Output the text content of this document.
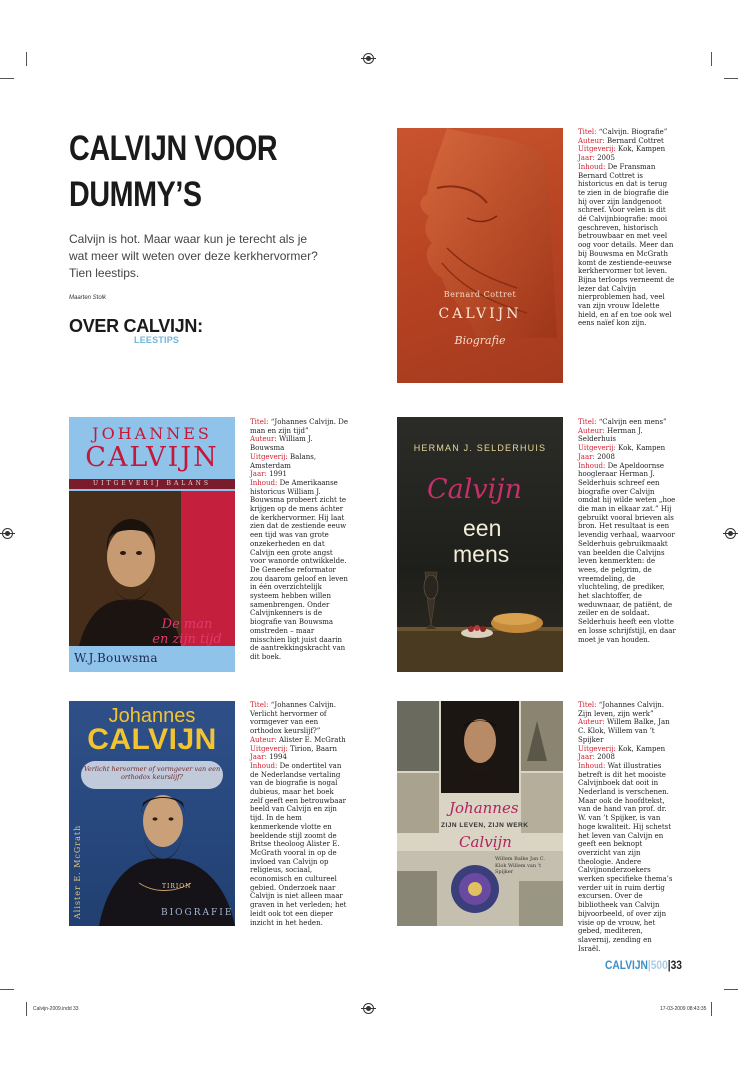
CALVIJN VOOR
DUMMY’S
Calvijn is hot. Maar waar kun je terecht als je wat meer wilt weten over deze kerkhervormer? Tien leestips.
Maarten Stolk
OVER CALVIJN:
LEESTIPS
Bernard Cottret
CALVIJN
Biografie
Titel: “Calvijn. Biografie”
Auteur: Bernard Cottret
Uitgeverij: Kok, Kampen
Jaar: 2005
Inhoud: De Fransman Bernard Cottret is historicus en dat is terug te zien in de biografie die hij over zijn landgenoot schreef. Voor velen is dit dé Calvijnbiografie: mooi geschreven, historisch betrouwbaar en met veel oog voor details. Meer dan bij Bouwsma en McGrath komt de zestiende-eeuwse kerkhervormer tot leven. Bijna terloops verneemt de lezer dat Calvijn nierproblemen had, veel van zijn vrouw Idelette hield, en af en toe ook wel eens naïef kon zijn.
JOHANNES
CALVIJN
UITGEVERIJ BALANS
De man
en zijn tijd
W.J.Bouwsma
Titel: “Johannes Calvijn. De man en zijn tijd”
Auteur: William J. Bouwsma
Uitgeverij: Balans, Amsterdam
Jaar: 1991
Inhoud: De Amerikaanse historicus William J. Bouwsma probeert zicht te krijgen op de mens áchter de kerkhervormer. Hij laat zien dat de zestiende eeuw een tijd was van grote onzekerheden en dat Calvijn een grote angst voor wanorde ontwikkelde. De Geneefse reformator zou daarom geloof en leven in één overzichtelijk systeem hebben willen samenbrengen. Onder Calvijnkenners is de biografie van Bouwsma omstreden – maar misschien ligt juist daarin de aantrekkingskracht van dit boek.
HERMAN J. SELDERHUIS
Calvijn
een
mens
Titel: “Calvijn een mens”
Auteur: Herman J. Selderhuis
Uitgeverij: Kok, Kampen
Jaar: 2008
Inhoud: De Apeldoornse hoogleraar Herman J. Selderhuis schreef een biografie over Calvijn omdat hij wilde weten „hoe die man in elkaar zat.” Hij gebruikt vooral brieven als bron. Het resultaat is een levendig verhaal, waarvoor Selderhuis gebruikmaakt van beelden die Calvijns leven kenmerkten: de wees, de pelgrim, de vreemdeling, de vluchteling, de prediker, het slachtoffer, de weduwnaar, de patiënt, de zeiler en de soldaat. Selderhuis heeft een vlotte en losse schrijfstijl, en daar moet je van houden.
Johannes
CALVIJN
Verlicht hervormer of vormgever van een orthodox keurslijf?
Alister E. McGrath	TIRION
BIOGRAFIE
Titel: “Johannes Calvijn. Verlicht hervormer of vormgever van een orthodox keurslijf?”
Auteur: Alister E. McGrath
Uitgeverij: Tirion, Baarn
Jaar: 1994
Inhoud: De ondertitel van de Nederlandse vertaling van de biografie is nogal dubieus, maar het boek zelf geeft een betrouwbaar beeld van Calvijn en zijn tijd. In de hem kenmerkende vlotte en beeldende stijl zoomt de Britse theoloog Alister E. McGrath vooral in op de invloed van Calvijn op religieus, sociaal, economisch en cultureel gebied. Onderzoek naar Calvijn is niet alleen maar graven in het verleden; het leidt ook tot een dieper inzicht in het heden.
Johannes
ZIJN LEVEN, ZIJN WERK
Calvijn
Willem Balke Jan C. Klok Willem van 't Spijker
Titel: “Johannes Calvijn. Zijn leven, zijn werk”
Auteur: Willem Balke, Jan C. Klok, Willem van ’t Spijker
Uitgeverij: Kok, Kampen
Jaar: 2008
Inhoud: Wat illustraties betreft is dit het mooiste Calvijnboek dat ooit in Nederland is verschenen. Maar ook de hoofdtekst, van de hand van prof. dr. W. van ’t Spijker, is van hoge kwaliteit. Hij schetst het leven van Calvijn en geeft een beknopt overzicht van zijn theologie. Andere Calvijnonderzoekers werken specifieke thema’s verder uit in ruim dertig excursen. Over de bibliotheek van Calvijn bijvoorbeeld, of over zijn visie op de vrouw, het gebed, mediteren, slavernij, zending en Israël.
CALVIJN|500|33
Calvijn-2009.indd 33	17-03-2009 08:43:35
